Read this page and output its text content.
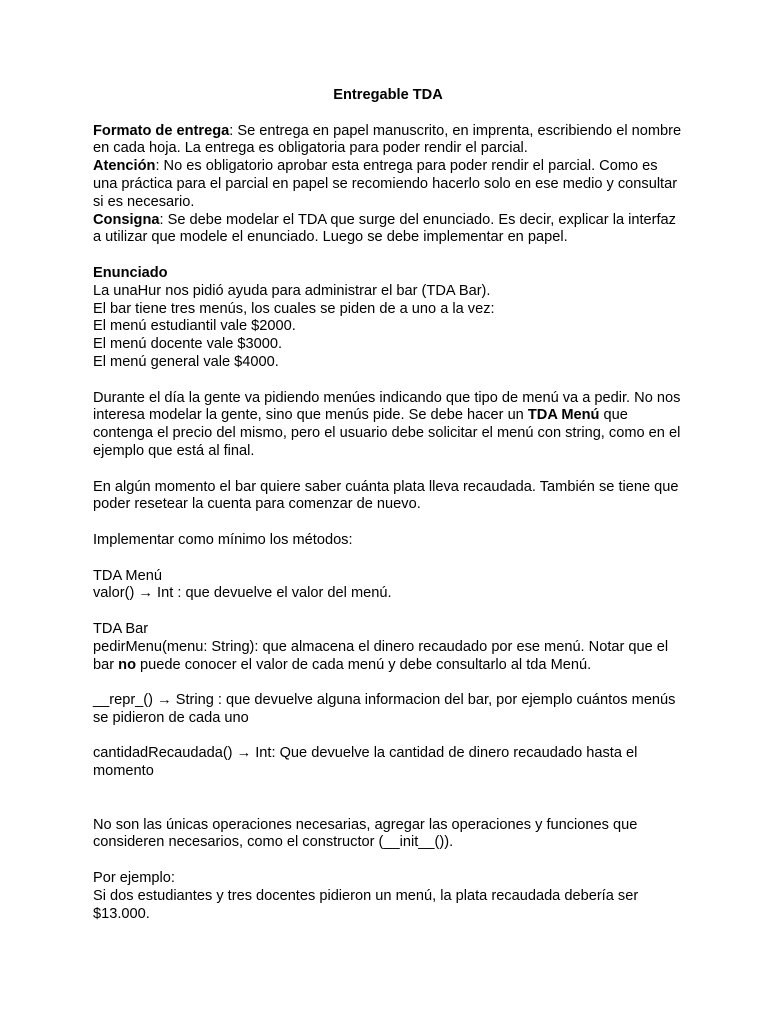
Entregable TDA

Formato de entrega: Se entrega en papel manuscrito, en imprenta, escribiendo el nombre en cada hoja. La entrega es obligatoria para poder rendir el parcial.

Atención: No es obligatorio aprobar esta entrega para poder rendir el parcial. Como es una práctica para el parcial en papel se recomiendo hacerlo solo en ese medio y consultar si es necesario.

Consigna: Se debe modelar el TDA que surge del enunciado. Es decir, explicar la interfaz a utilizar que modele el enunciado. Luego se debe implementar en papel.

Enunciado

La unaHur nos pidió ayuda para administrar el bar (TDA Bar).

El bar tiene tres menús, los cuales se piden de a uno a la vez:

El menú estudiantil vale $2000.

El menú docente vale $3000.

El menú general vale $4000.

Durante el día la gente va pidiendo menúes indicando que tipo de menú va a pedir. No nos interesa modelar la gente, sino que menús pide. Se debe hacer un TDA Menú que contenga el precio del mismo, pero el usuario debe solicitar el menú con string, como en el ejemplo que está al final.

En algún momento el bar quiere saber cuánta plata lleva recaudada. También se tiene que poder resetear la cuenta para comenzar de nuevo.

Implementar como mínimo los métodos:

TDA Menú

valor() → Int : que devuelve el valor del menú.

TDA Bar

pedirMenu(menu: String): que almacena el dinero recaudado por ese menú. Notar que el bar no puede conocer el valor de cada menú y debe consultarlo al tda Menú.

__repr_() → String : que devuelve alguna informacion del bar, por ejemplo cuántos menús se pidieron de cada uno

cantidadRecaudada() → Int: Que devuelve la cantidad de dinero recaudado hasta el momento

No son las únicas operaciones necesarias, agregar las operaciones y funciones que consideren necesarios, como el constructor (__init__()).

Por ejemplo:

Si dos estudiantes y tres docentes pidieron un menú, la plata recaudada debería ser $13.000.
